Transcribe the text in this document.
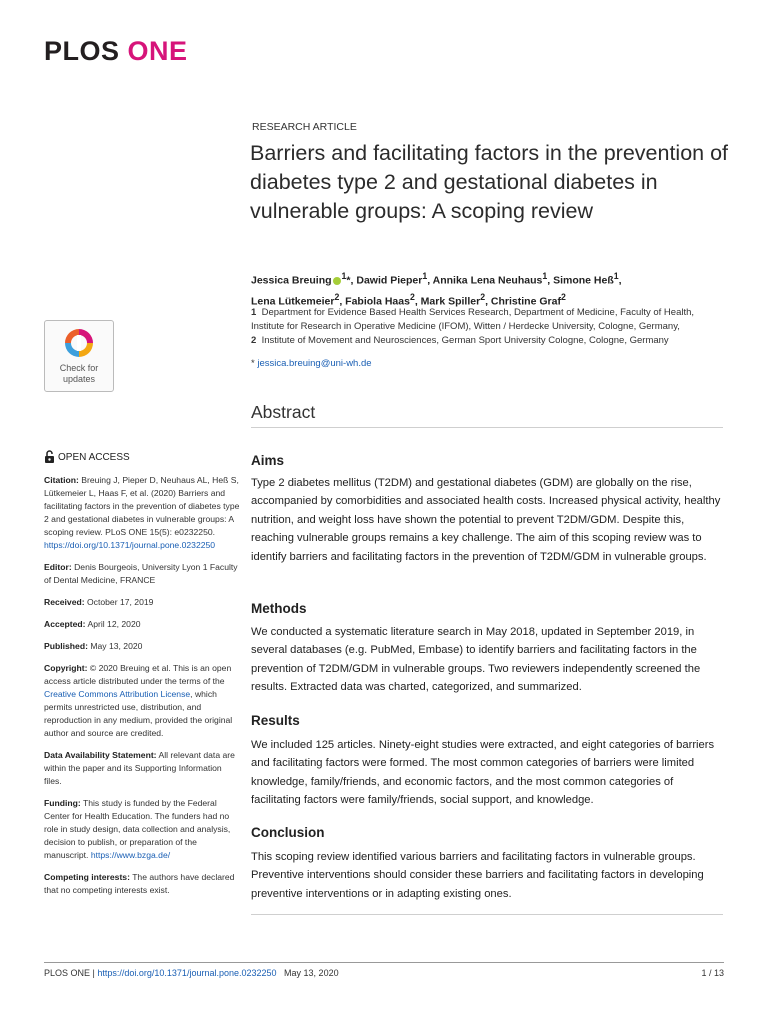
PLOS ONE
Check for
updates
RESEARCH ARTICLE
Barriers and facilitating factors in the prevention of diabetes type 2 and gestational diabetes in vulnerable groups: A scoping review
Jessica Breuing $^1$*, Dawid Pieper$^1$, Annika Lena Neuhaus$^1$, Simone Heß$^1$,
Lena Lütkemeier$^2$, Fabiola Haas$^2$, Mark Spiller$^2$, Christine Graf$^2$
1 Department for Evidence Based Health Services Research, Department of Medicine, Faculty of Health, Institute for Research in Operative Medicine (IFOM), Witten / Herdecke University, Cologne, Germany,
2 Institute of Movement and Neurosciences, German Sport University Cologne, Cologne, Germany
* jessica.breuing@uni-wh.de
Abstract
Aims

Type 2 diabetes mellitus (T2DM) and gestational diabetes (GDM) are globally on the rise, accompanied by comorbidities and associated health costs. Increased physical activity, healthy nutrition, and weight loss have shown the potential to prevent T2DM/GDM. Despite this, reaching vulnerable groups remains a key challenge. The aim of this scoping review was to identify barriers and facilitating factors in the prevention of T2DM/GDM in vulnerable groups.

Methods

We conducted a systematic literature search in May 2018, updated in September 2019, in several databases (e.g. PubMed, Embase) to identify barriers and facilitating factors in the prevention of T2DM/GDM in vulnerable groups. Two reviewers independently screened the results. Extracted data was charted, categorized, and summarized.

Results

We included 125 articles. Ninety-eight studies were extracted, and eight categories of barriers and facilitating factors were formed. The most common categories of barriers were limited knowledge, family/friends, and economic factors, and the most common categories of facilitating factors were family/friends, social support, and knowledge.

Conclusion

This scoping review identified various barriers and facilitating factors in vulnerable groups. Preventive interventions should consider these barriers and facilitating factors in developing preventive interventions or in adapting existing ones.

OPEN ACCESS
Citation: Breuing J, Pieper D, Neuhaus AL, Heß S, Lütkemeier L, Haas F, et al. (2020) Barriers and facilitating factors in the prevention of diabetes type 2 and gestational diabetes in vulnerable groups: A scoping review. PLoS ONE 15(5): e0232250. https://doi.org/10.1371/journal.pone.0232250
Editor: Denis Bourgeois, University Lyon 1 Faculty of Dental Medicine, FRANCE
Received: October 17, 2019
Accepted: April 12, 2020
Published: May 13, 2020
Copyright: © 2020 Breuing et al. This is an open access article distributed under the terms of the Creative Commons Attribution License, which permits unrestricted use, distribution, and reproduction in any medium, provided the original author and source are credited.
Data Availability Statement: All relevant data are within the paper and its Supporting Information files.
Funding: This study is funded by the Federal Center for Health Education. The funders had no role in study design, data collection and analysis, decision to publish, or preparation of the manuscript. https://www.bzga.de/
Competing interests: The authors have declared that no competing interests exist.
PLOS ONE | https://doi.org/10.1371/journal.pone.0232250 May 13, 2020	1 / 13
